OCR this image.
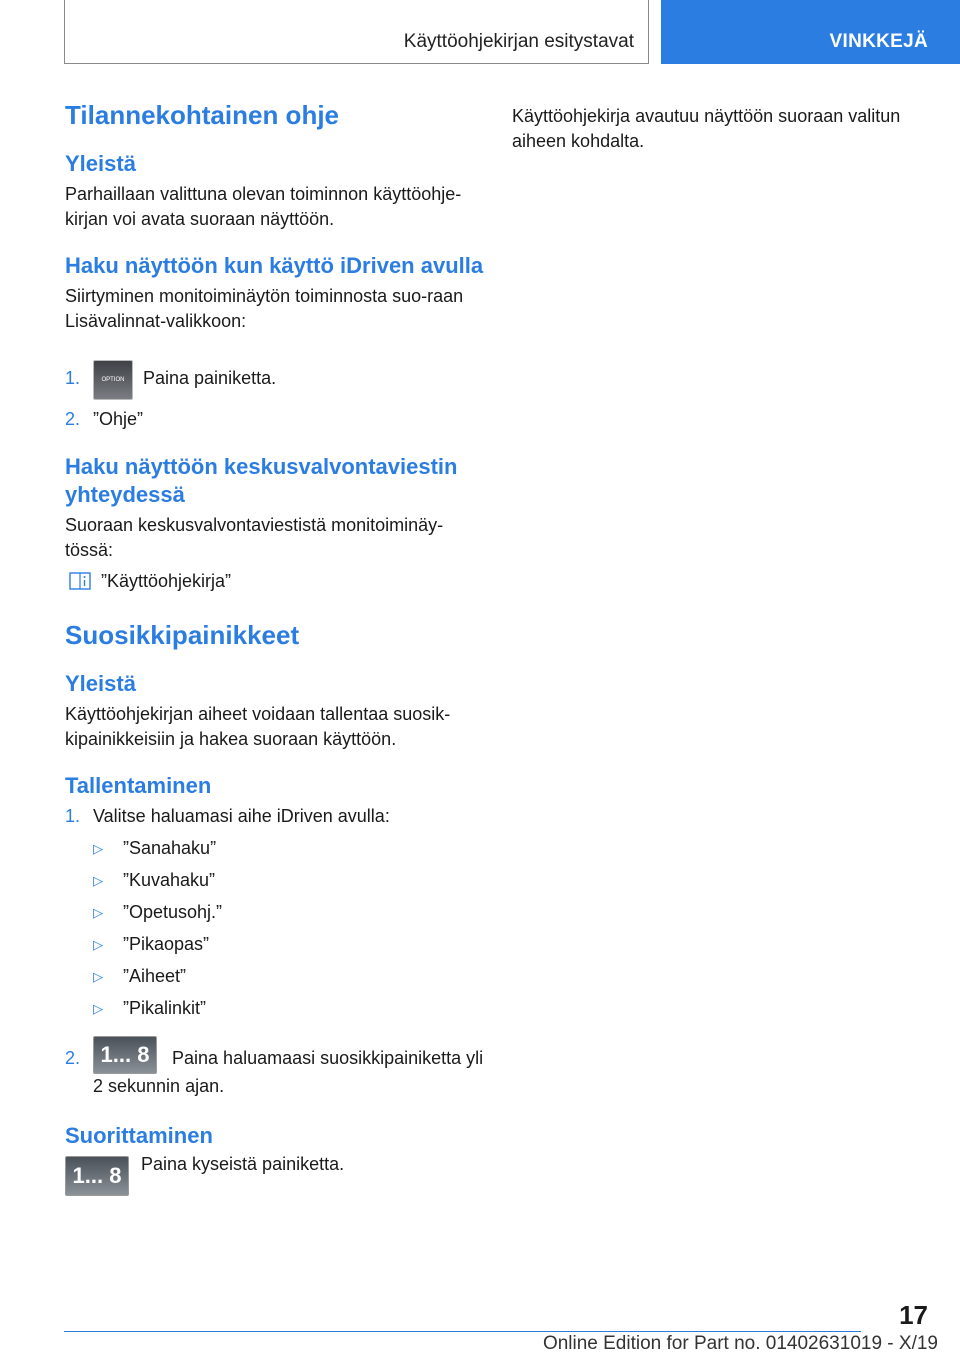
Käyttöohjekirjan esitystavat	VINKKEJÄ
Tilannekohtainen ohje
Yleistä

Parhaillaan valittuna olevan toiminnon käyttöohje-kirjan voi avata suoraan näyttöön.

Haku näyttöön kun käyttö iDriven avulla

Siirtyminen monitoiminäytön toiminnosta suo-raan Lisävalinnat-valikkoon:

1.	OPTION	Paina painiketta.
2. ”Ohje”
Haku näyttöön keskusvalvontaviestin yhteydessä

Suoraan keskusvalvontaviestistä monitoiminäy-tössä:

”Käyttöohjekirja”
Suosikkipainikkeet
Yleistä

Käyttöohjekirjan aiheet voidaan tallentaa suosik-kipainikkeisiin ja hakea suoraan käyttöön.

Tallentaminen
1. Valitse haluamasi aihe iDriven avulla:
▷	”Sanahaku”
▷	”Kuvahaku”
▷	”Opetusohj.”
▷	”Pikaopas”
▷	”Aiheet”
▷	”Pikalinkit”
2. 1... 8 Paina haluamaasi suosikkipainiketta yli 2 sekunnin ajan.
Suorittaminen
1... 8	Paina kyseistä painiketta.

Käyttöohjekirja avautuu näyttöön suoraan valitun aiheen kohdalta.

17
Online Edition for Part no. 01402631019 - X/19
